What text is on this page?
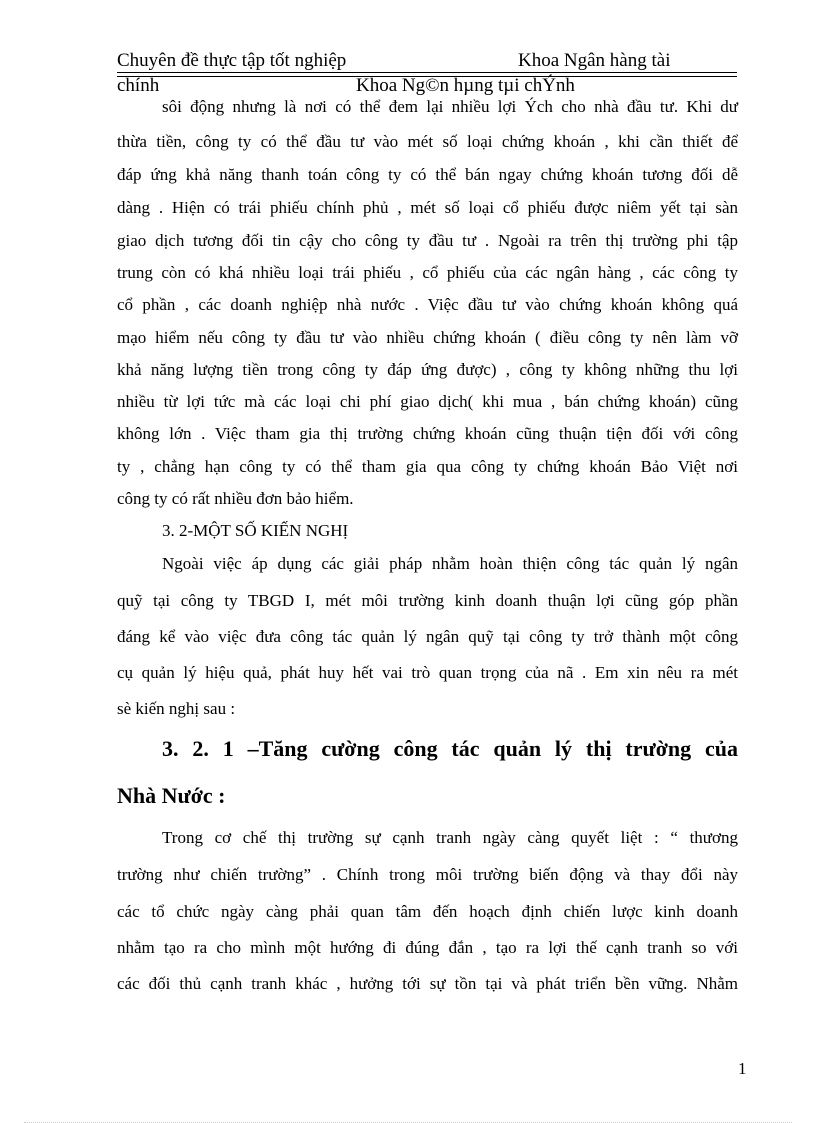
Chuyên đề thực tập tốt nghiệp	Khoa Ngân hàng tài
chính	Khoa Ng©n hµng tµi chÝnh
sôi động nhưng là nơi có thể đem lại nhiều lợi Ých cho nhà đầu tư. Khi dư
thừa tiền, công ty có thể đầu tư vào mét số loại chứng khoán , khi cần thiết để
đáp ứng khả năng thanh toán công ty có thể bán ngay chứng khoán tương đối dễ
dàng . Hiện có trái phiếu chính phủ , mét số loại cổ phiếu được niêm yết tại sàn
giao dịch tương đối tin cậy cho công ty đầu tư . Ngoài ra trên thị trường phi tập
trung còn có khá nhiều loại trái phiếu , cổ phiếu của các ngân hàng , các công ty
cổ phần , các doanh nghiệp nhà nước . Việc đầu tư vào chứng khoán không quá
mạo hiểm nếu công ty đầu tư vào nhiều chứng khoán ( điều công ty nên làm vỡ
khả năng lượng tiền trong công ty đáp ứng được) , công ty không những thu lợi
nhiều từ lợi tức mà các loại chi phí giao dịch( khi mua , bán chứng khoán) cũng
không lớn . Việc tham gia thị trường chứng khoán cũng thuận tiện đối với công
ty , chẳng hạn công ty có thể tham gia qua công ty chứng khoán Bảo Việt nơi
công ty có rất nhiều đơn bảo hiểm.
3. 2-MỘT SỐ KIẾN NGHỊ
Ngoài việc áp dụng các giải pháp nhằm hoàn thiện công tác quản lý ngân
quỹ tại công ty TBGD I, mét môi trường kinh doanh thuận lợi cũng góp phần
đáng kể vào việc đưa công tác quản lý ngân quỹ tại công ty trở thành một công
cụ quản lý hiệu quả, phát huy hết vai trò quan trọng của nã . Em xin nêu ra mét
sè kiến nghị sau :
3. 2. 1 –Tăng cường công tác quản lý thị trường của
Nhà Nước :
Trong cơ chế thị trường sự cạnh tranh ngày càng quyết liệt : “ thương
trường như chiến trường” . Chính trong môi trường biến động và thay đổi này
các tổ chức ngày càng phải quan tâm đến hoạch định chiến lược kinh doanh
nhằm tạo ra cho mình một hướng đi đúng đắn , tạo ra lợi thế cạnh tranh so với
các đối thủ cạnh tranh khác , hưởng tới sự tồn tại và phát triển bền vững. Nhằm
1
